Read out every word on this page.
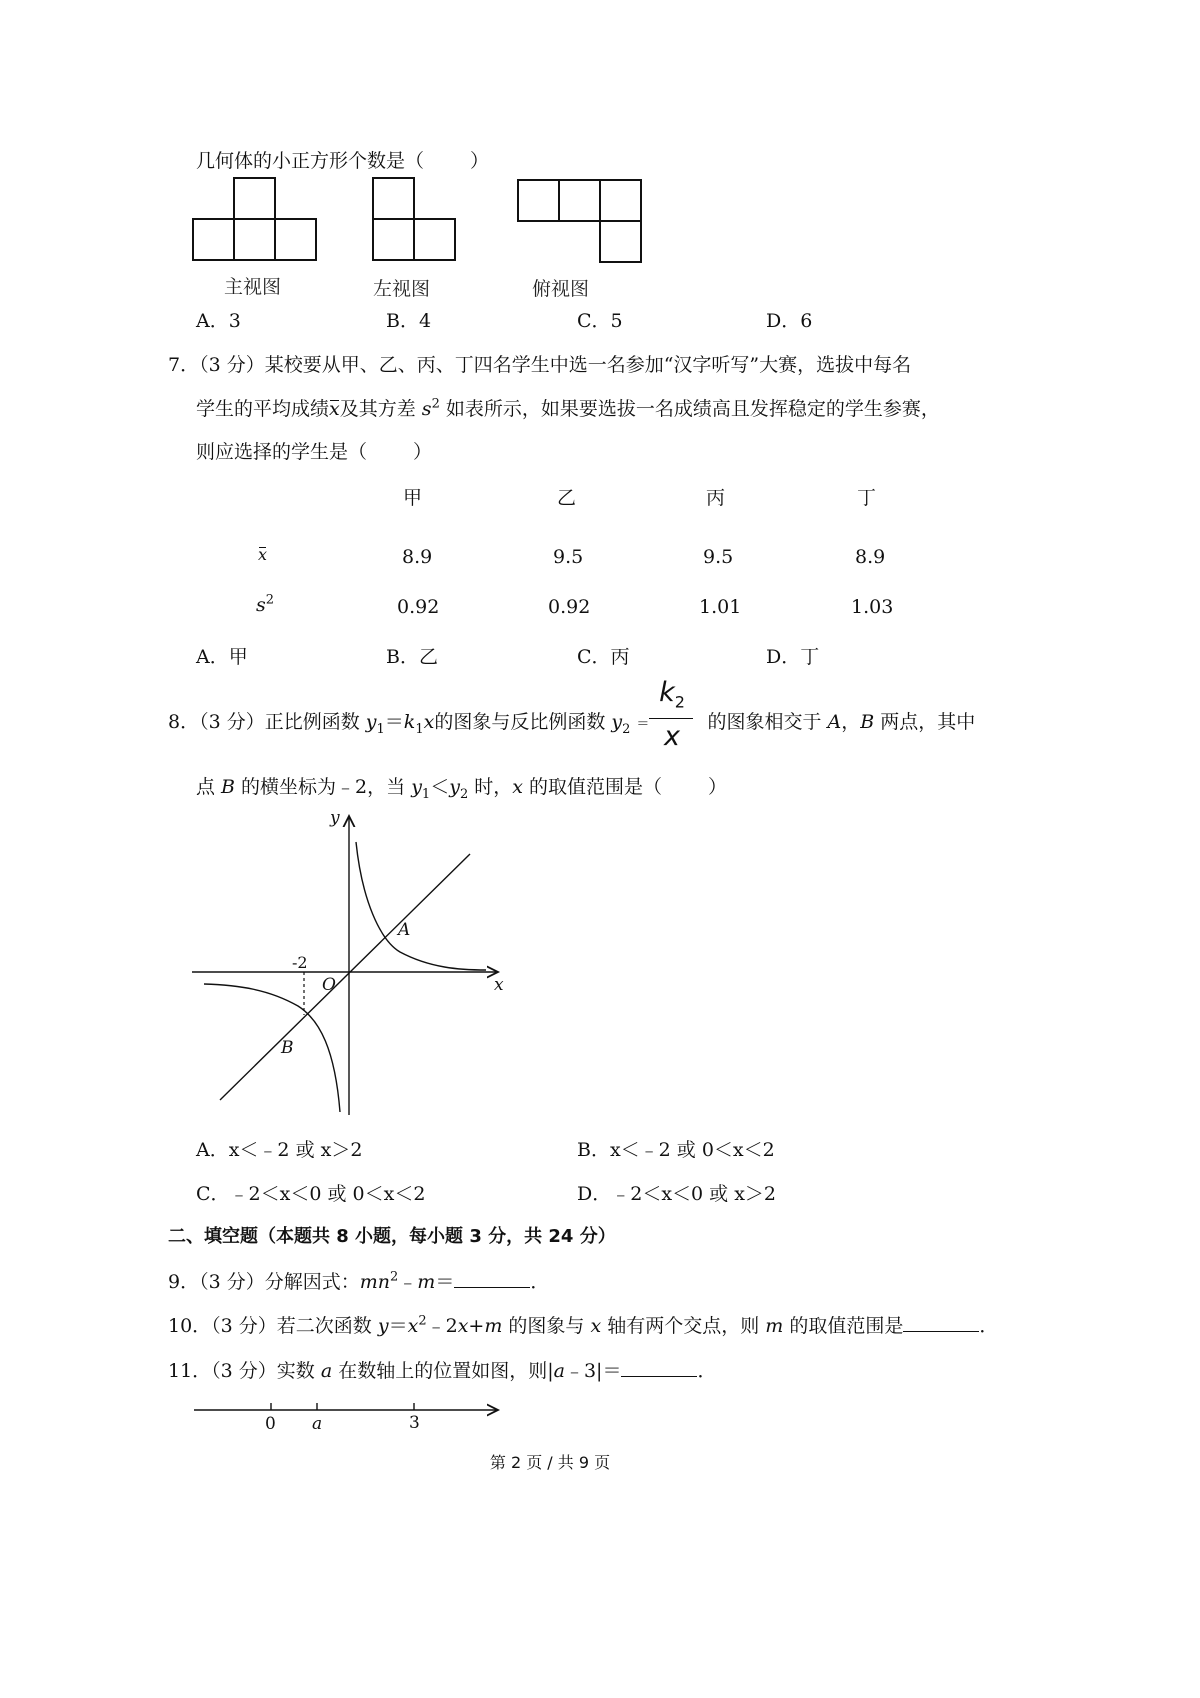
几何体的小正方形个数是（ ）
主视图	左视图	俯视图
A．3	B．4	C．5	D．6
7．（3 分）某校要从甲、乙、丙、丁四名学生中选一名参加“汉字听写”大赛，选拔中每名
学生的平均成绩x及其方差 $s^2$ 如表所示，如果要选拔一名成绩高且发挥稳定的学生参赛，
则应选择的学生是（ ）
甲	乙	丙	丁
x	8.9	9.5	9.5	8.9
$s^2$	0.92	0.92	1.01	1.03
A．甲	B．乙	C．丙	D．丁
8．（3 分）正比例函数 $y_1=k_1x$的图象与反比例函数 $y_2$ ＝	的图象相交于 A，B 两点，其中
$k_2$
x
点 B 的横坐标为﹣2，当 $y_1<y_2$ 时，x 的取值范围是（ ）
y
x
O
A
B
-2
A．x＜﹣2 或 x＞2	B．x＜﹣2 或 0＜x＜2
C．﹣2＜x＜0 或 0＜x＜2	D．﹣2＜x＜0 或 x＞2
二、填空题（本题共 8 小题，每小题 3 分，共 24 分）
9．（3 分）分解因式：$mn^2﹣m=$	．
10．（3 分）若二次函数 $y=x^2﹣2x+m$ 的图象与 x 轴有两个交点，则 m 的取值范围是	．
11．（3 分）实数 a 在数轴上的位置如图，则|a﹣3|＝	．
0 a	3
第 2 页 / 共 9 页
